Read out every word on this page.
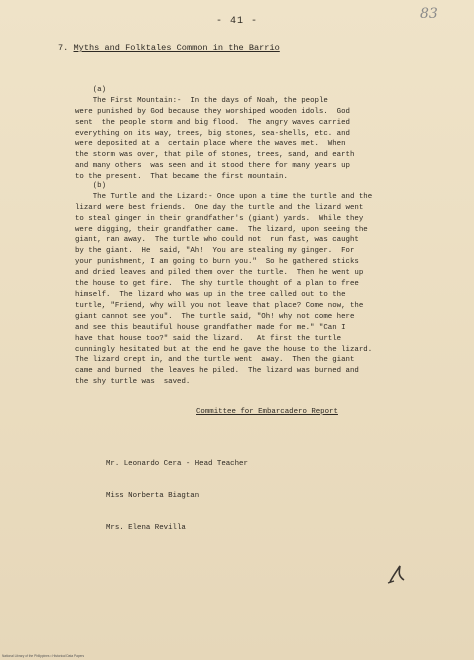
- 41 -	83
7. Myths and Folktales Common in the Barrio

(a)
The First Mountain:-  In the days of Noah, the people
were punished by God because they worshiped wooden idols.  God
sent  the people storm and big flood.  The angry waves carried
everything on its way, trees, big stones, sea-shells, etc. and
were deposited at a  certain place where the waves met.  When
the storm was over, that pile of stones, trees, sand, and earth
and many others  was seen and it stood there for many years up
to the present.  That became the first mountain.

(b)
The Turtle and the Lizard:- Once upon a time the turtle and the
lizard were best friends.  One day the turtle and the lizard went
to steal ginger in their grandfather's (giant) yards.  While they
were digging, their grandfather came.  The lizard, upon seeing the
giant, ran away.  The turtle who could not  run fast, was caught
by the giant.  He  said, "Ah!  You are stealing my ginger.  For
your punishment, I am going to burn you."  So he gathered sticks
and dried leaves and piled them over the turtle.  Then he went up
the house to get fire.  The shy turtle thought of a plan to free
himself.  The lizard who was up in the tree called out to the
turtle, "Friend, why will you not leave that place? Come now, the
giant cannot see you".  The turtle said, "Oh! why not come here
and see this beautiful house grandfather made for me." "Can I
have that house too?" said the lizard.   At first the turtle
cunningly hesitated but at the end he gave the house to the lizard.
The lizard crept in, and the turtle went  away.  Then the giant
came and burned  the leaves he piled.  The lizard was burned and
the shy turtle was  saved.

Committee for Embarcadero Report

Mr. Leonardo Cera - Head Teacher

Miss Norberta Biagtan

Mrs. Elena Revilla

National Library of the Philippines • Historical Data Papers
